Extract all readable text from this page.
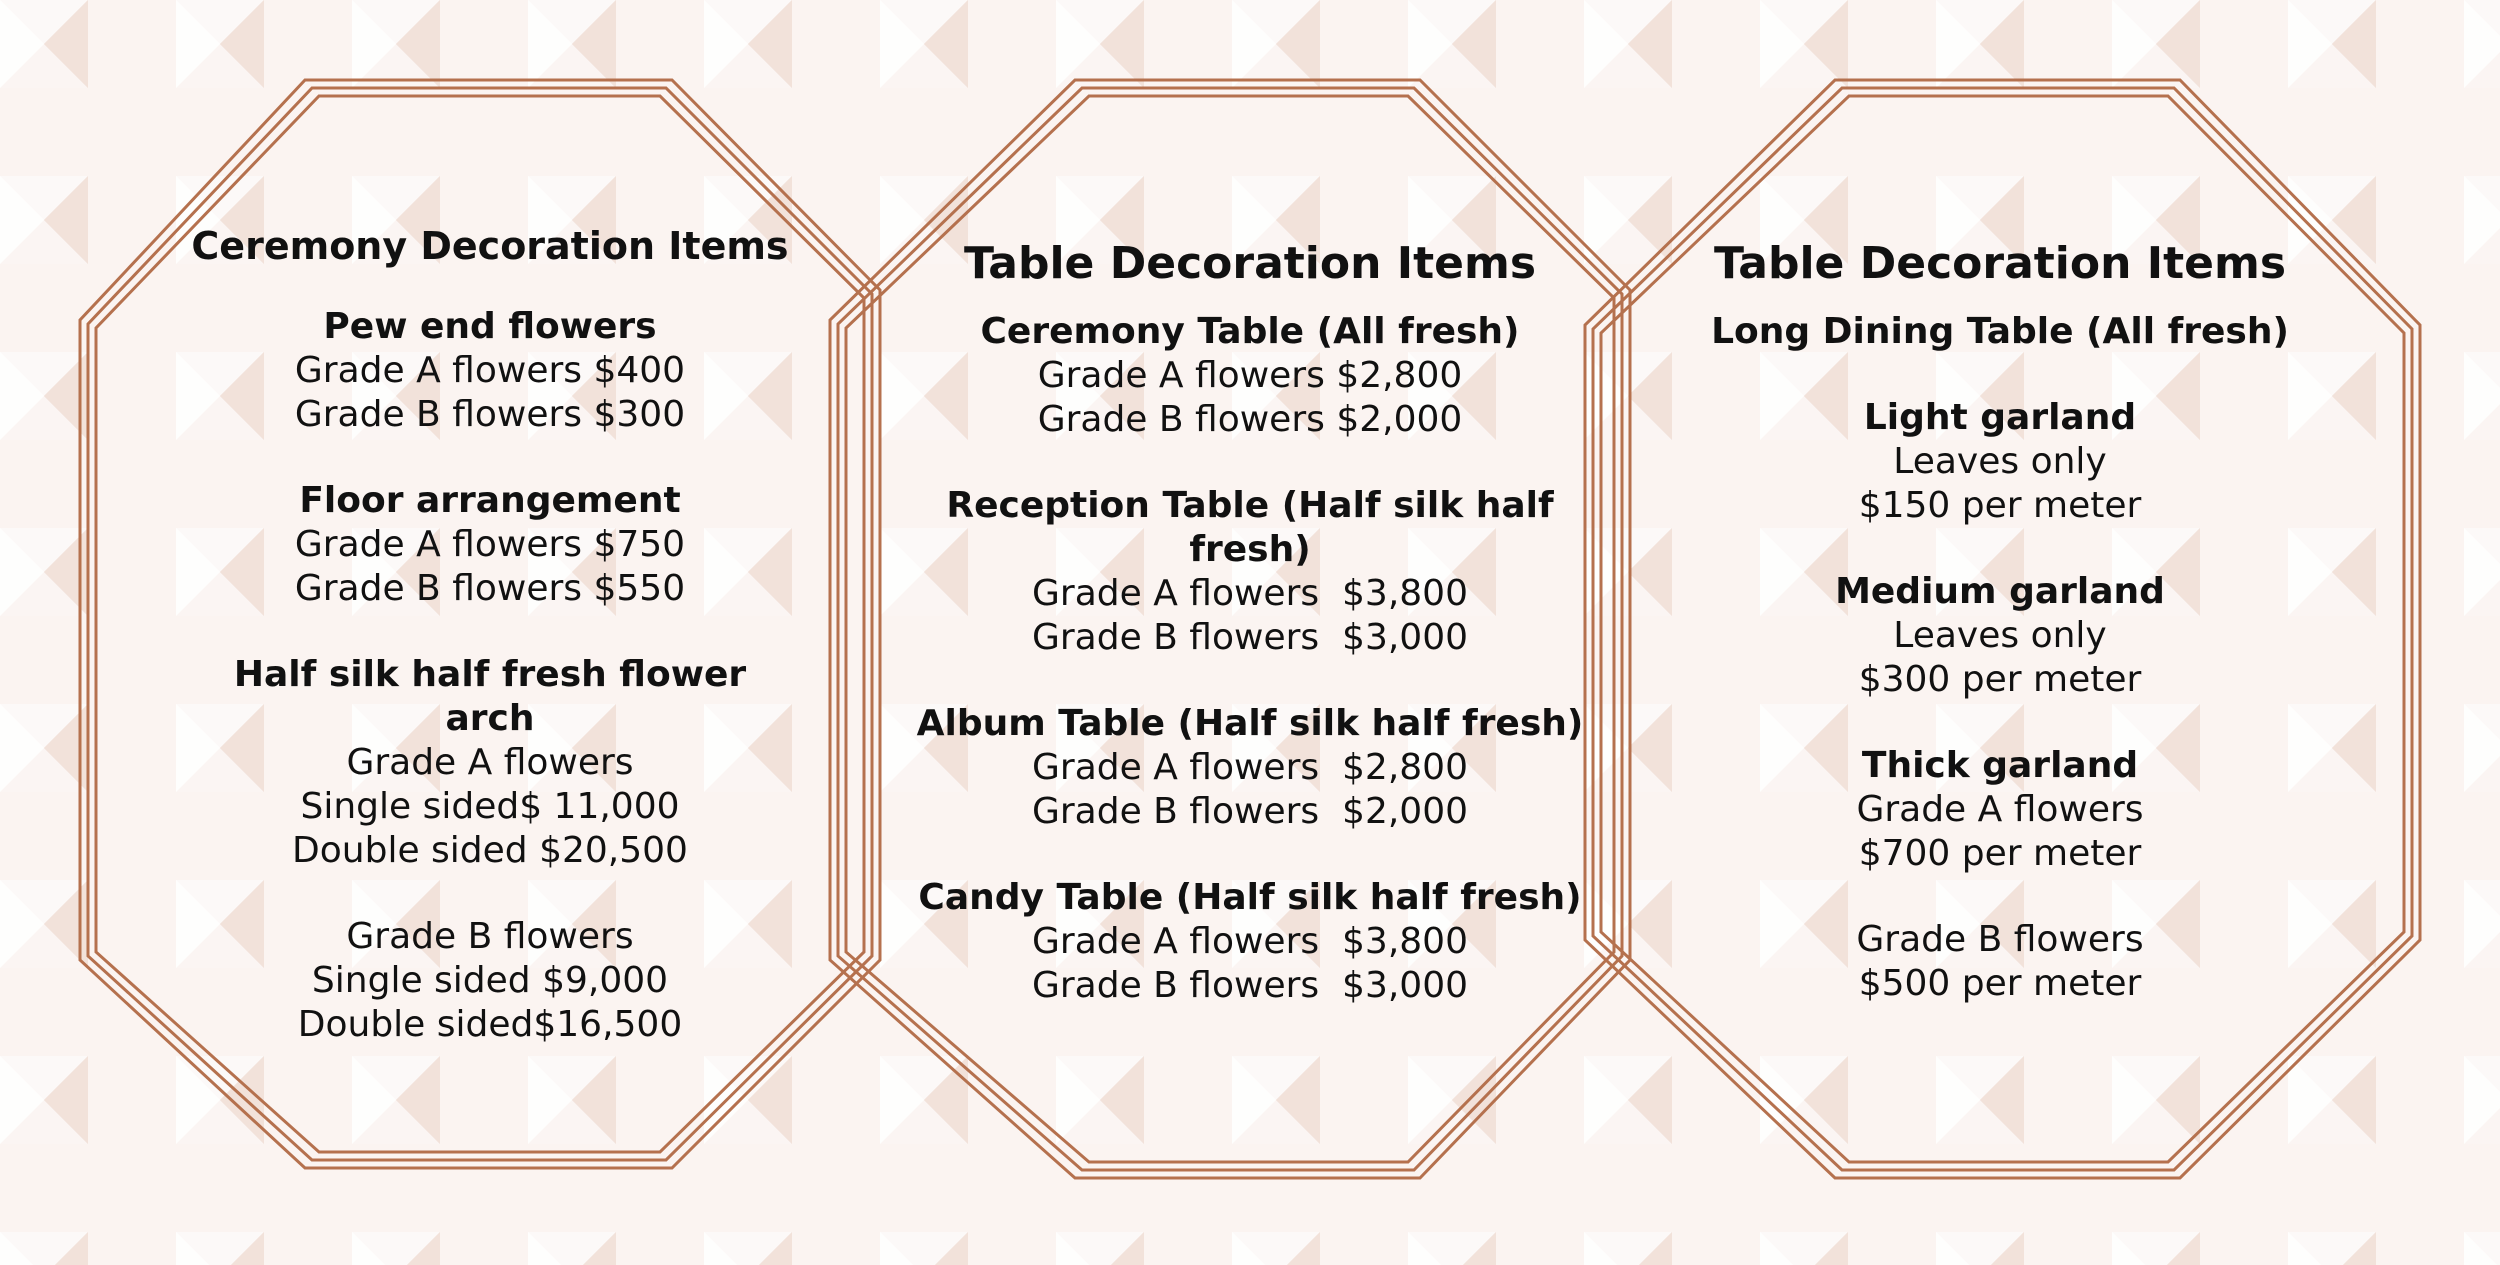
Ceremony Decoration Items
Pew end flowers
Grade A flowers $400
Grade B flowers $300
Floor arrangement
Grade A flowers $750
Grade B flowers $550
Half silk half fresh flower arch
Grade A flowers
Single sided$ 11,000
Double sided $20,500
Grade B flowers
Single sided $9,000
Double sided$16,500
Table Decoration Items
Ceremony Table (All fresh)
Grade A flowers $2,800
Grade B flowers $2,000
Reception Table (Half silk half fresh)
Grade A flowers  $3,800
Grade B flowers  $3,000
Album Table (Half silk half fresh)
Grade A flowers  $2,800
Grade B flowers  $2,000
Candy Table (Half silk half fresh)
Grade A flowers  $3,800
Grade B flowers  $3,000
Table Decoration Items
Long Dining Table (All fresh)
Light garland
Leaves only
$150 per meter
Medium garland
Leaves only
$300 per meter
Thick garland
Grade A flowers
$700 per meter
Grade B flowers
$500 per meter
